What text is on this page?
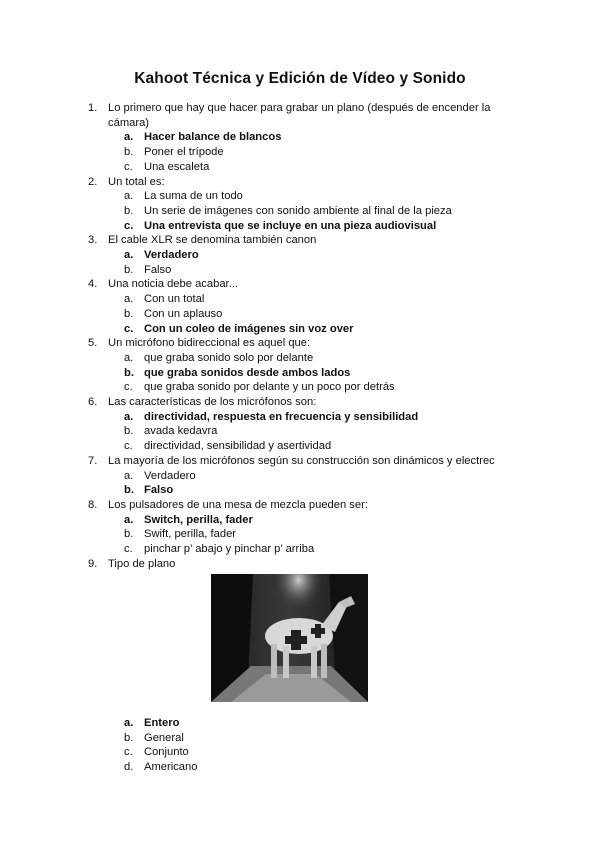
Kahoot Técnica y Edición de Vídeo y Sonido
1. Lo primero que hay que hacer para grabar un plano (después de encender la cámara)
a. Hacer balance de blancos
b. Poner el trípode
c. Una escaleta
2. Un total es:
a. La suma de un todo
b. Un serie de imágenes con sonido ambiente al final de la pieza
c. Una entrevista que se incluye en una pieza audiovisual
3. El cable XLR se denomina también canon
a. Verdadero
b. Falso
4. Una noticia debe acabar...
a. Con un total
b. Con un aplauso
c. Con un coleo de imágenes sin voz over
5. Un micrófono bidireccional es aquel que:
a. que graba sonido solo por delante
b. que graba sonidos desde ambos lados
c. que graba sonido por delante y un poco por detrás
6. Las características de los micrófonos son:
a. directividad, respuesta en frecuencia y sensibilidad
b. avada kedavra
c. directividad, sensibilidad y asertividad
7. La mayoría de los micrófonos según su construcción son dinámicos y electrec
a. Verdadero
b. Falso
8. Los pulsadores de una mesa de mezcla pueden ser:
a. Switch, perilla, fader
b. Swift, perilla, fader
c. pinchar p’ abajo y pinchar p’ arriba
9. Tipo de plano
a. Entero
b. General
c. Conjunto
d. Americano
